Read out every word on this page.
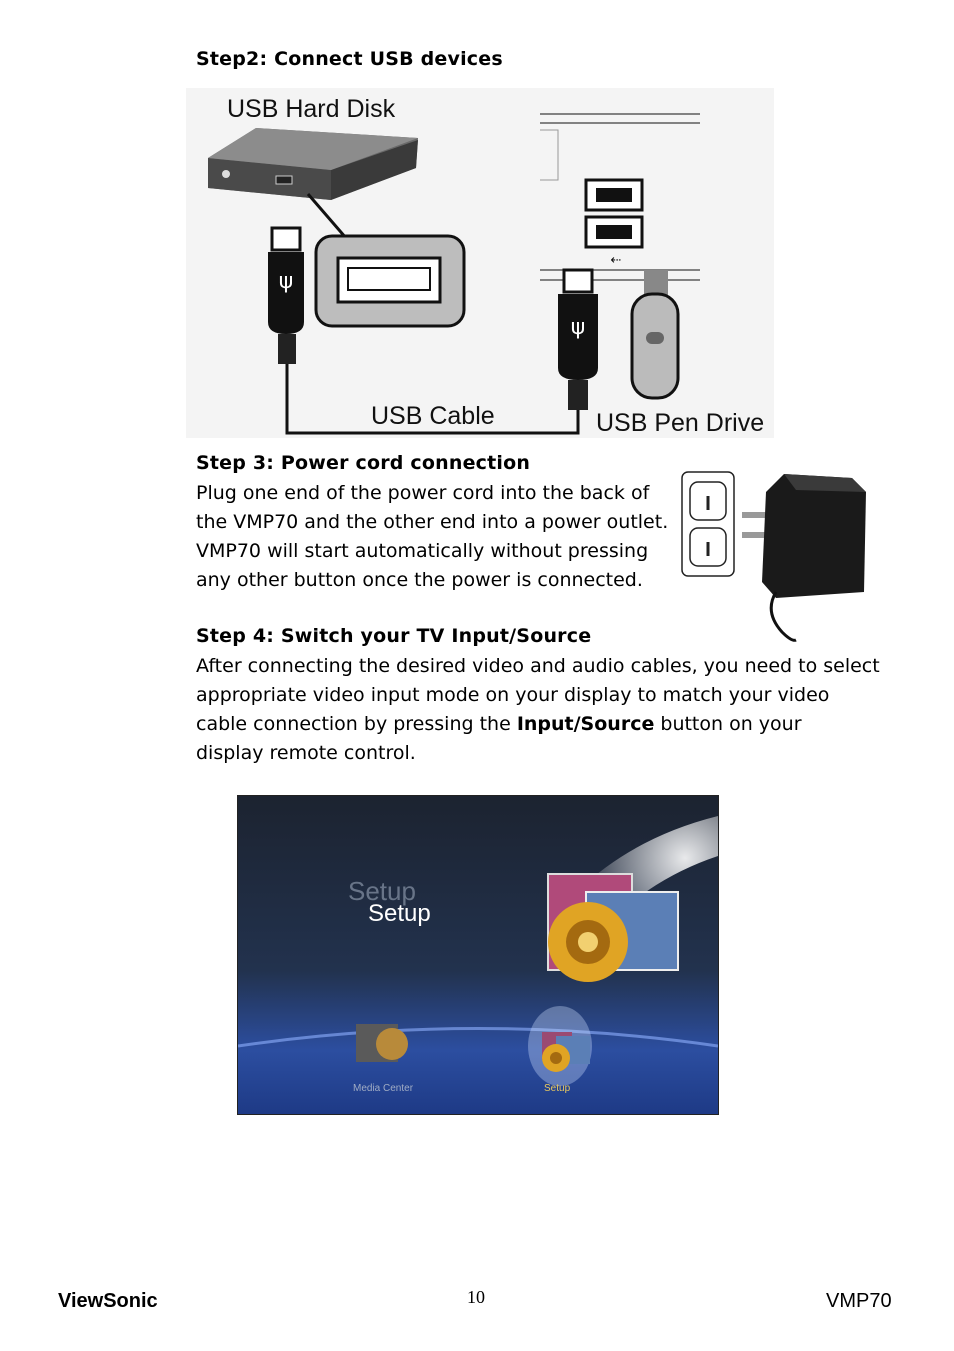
Step2: Connect USB devices
ψ
⇠
ψ
USB Hard Disk
USB Cable	USB Pen Drive
Step 3: Power cord connection
Plug one end of the power cord into the back of
the VMP70 and the other end into a power outlet.
VMP70 will start automatically without pressing
any other button once the power is connected.
Step 4: Switch your TV Input/Source
After connecting the desired video and audio cables, you need to select
appropriate video input mode on your display to match your video
cable connection by pressing the Input/Source button on your
display remote control.
Setup
Setup
Media Center	Setup
ViewSonic	10	VMP70
